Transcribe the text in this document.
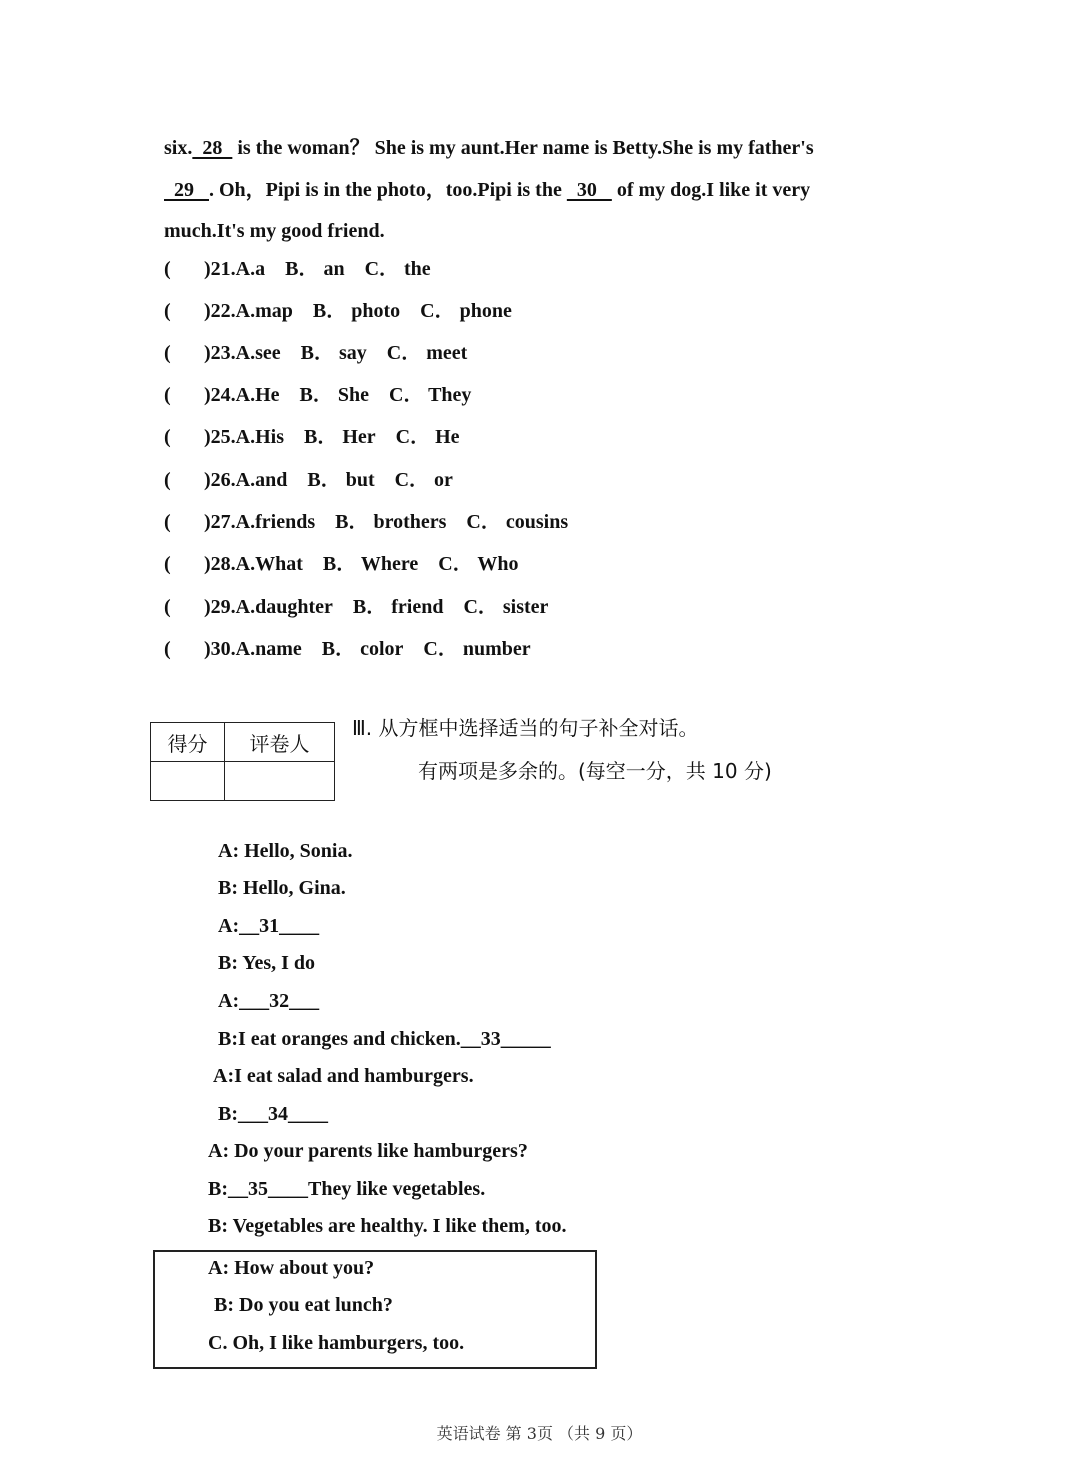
six.  28   is the woman？ She is my aunt.Her name is Betty.She is my father's
29   . Oh，Pipi is in the photo，too.Pipi is the   30    of my dog.I like it very
much.It's my good friend.
( )21.A.a B． an C． the
( )22.A.map B． photo C． phone
( )23.A.see B． say C． meet
( )24.A.He B． She C． They
( )25.A.His B． Her C． He
( )26.A.and B． but C． or
( )27.A.friends B． brothers C． cousins
( )28.A.What B． Where C． Who
( )29.A.daughter B． friend C． sister
( )30.A.name B． color C． number
得分	评卷人

Ⅲ. 从方框中选择适当的句子补全对话。
有两项是多余的。(每空一分，共 10 分)
A: Hello, Sonia.
B: Hello, Gina.
A:__31____
B: Yes, I do
A:___32___
B:I eat oranges and chicken.__33_____
A:I eat salad and hamburgers.
B:___34____
A: Do your parents like hamburgers?
B:__35____They like vegetables.
B: Vegetables are healthy. I like them, too.
A: How about you?
B: Do you eat lunch?
C. Oh, I like hamburgers, too.
英语试卷 第 3页 （共 9 页）
